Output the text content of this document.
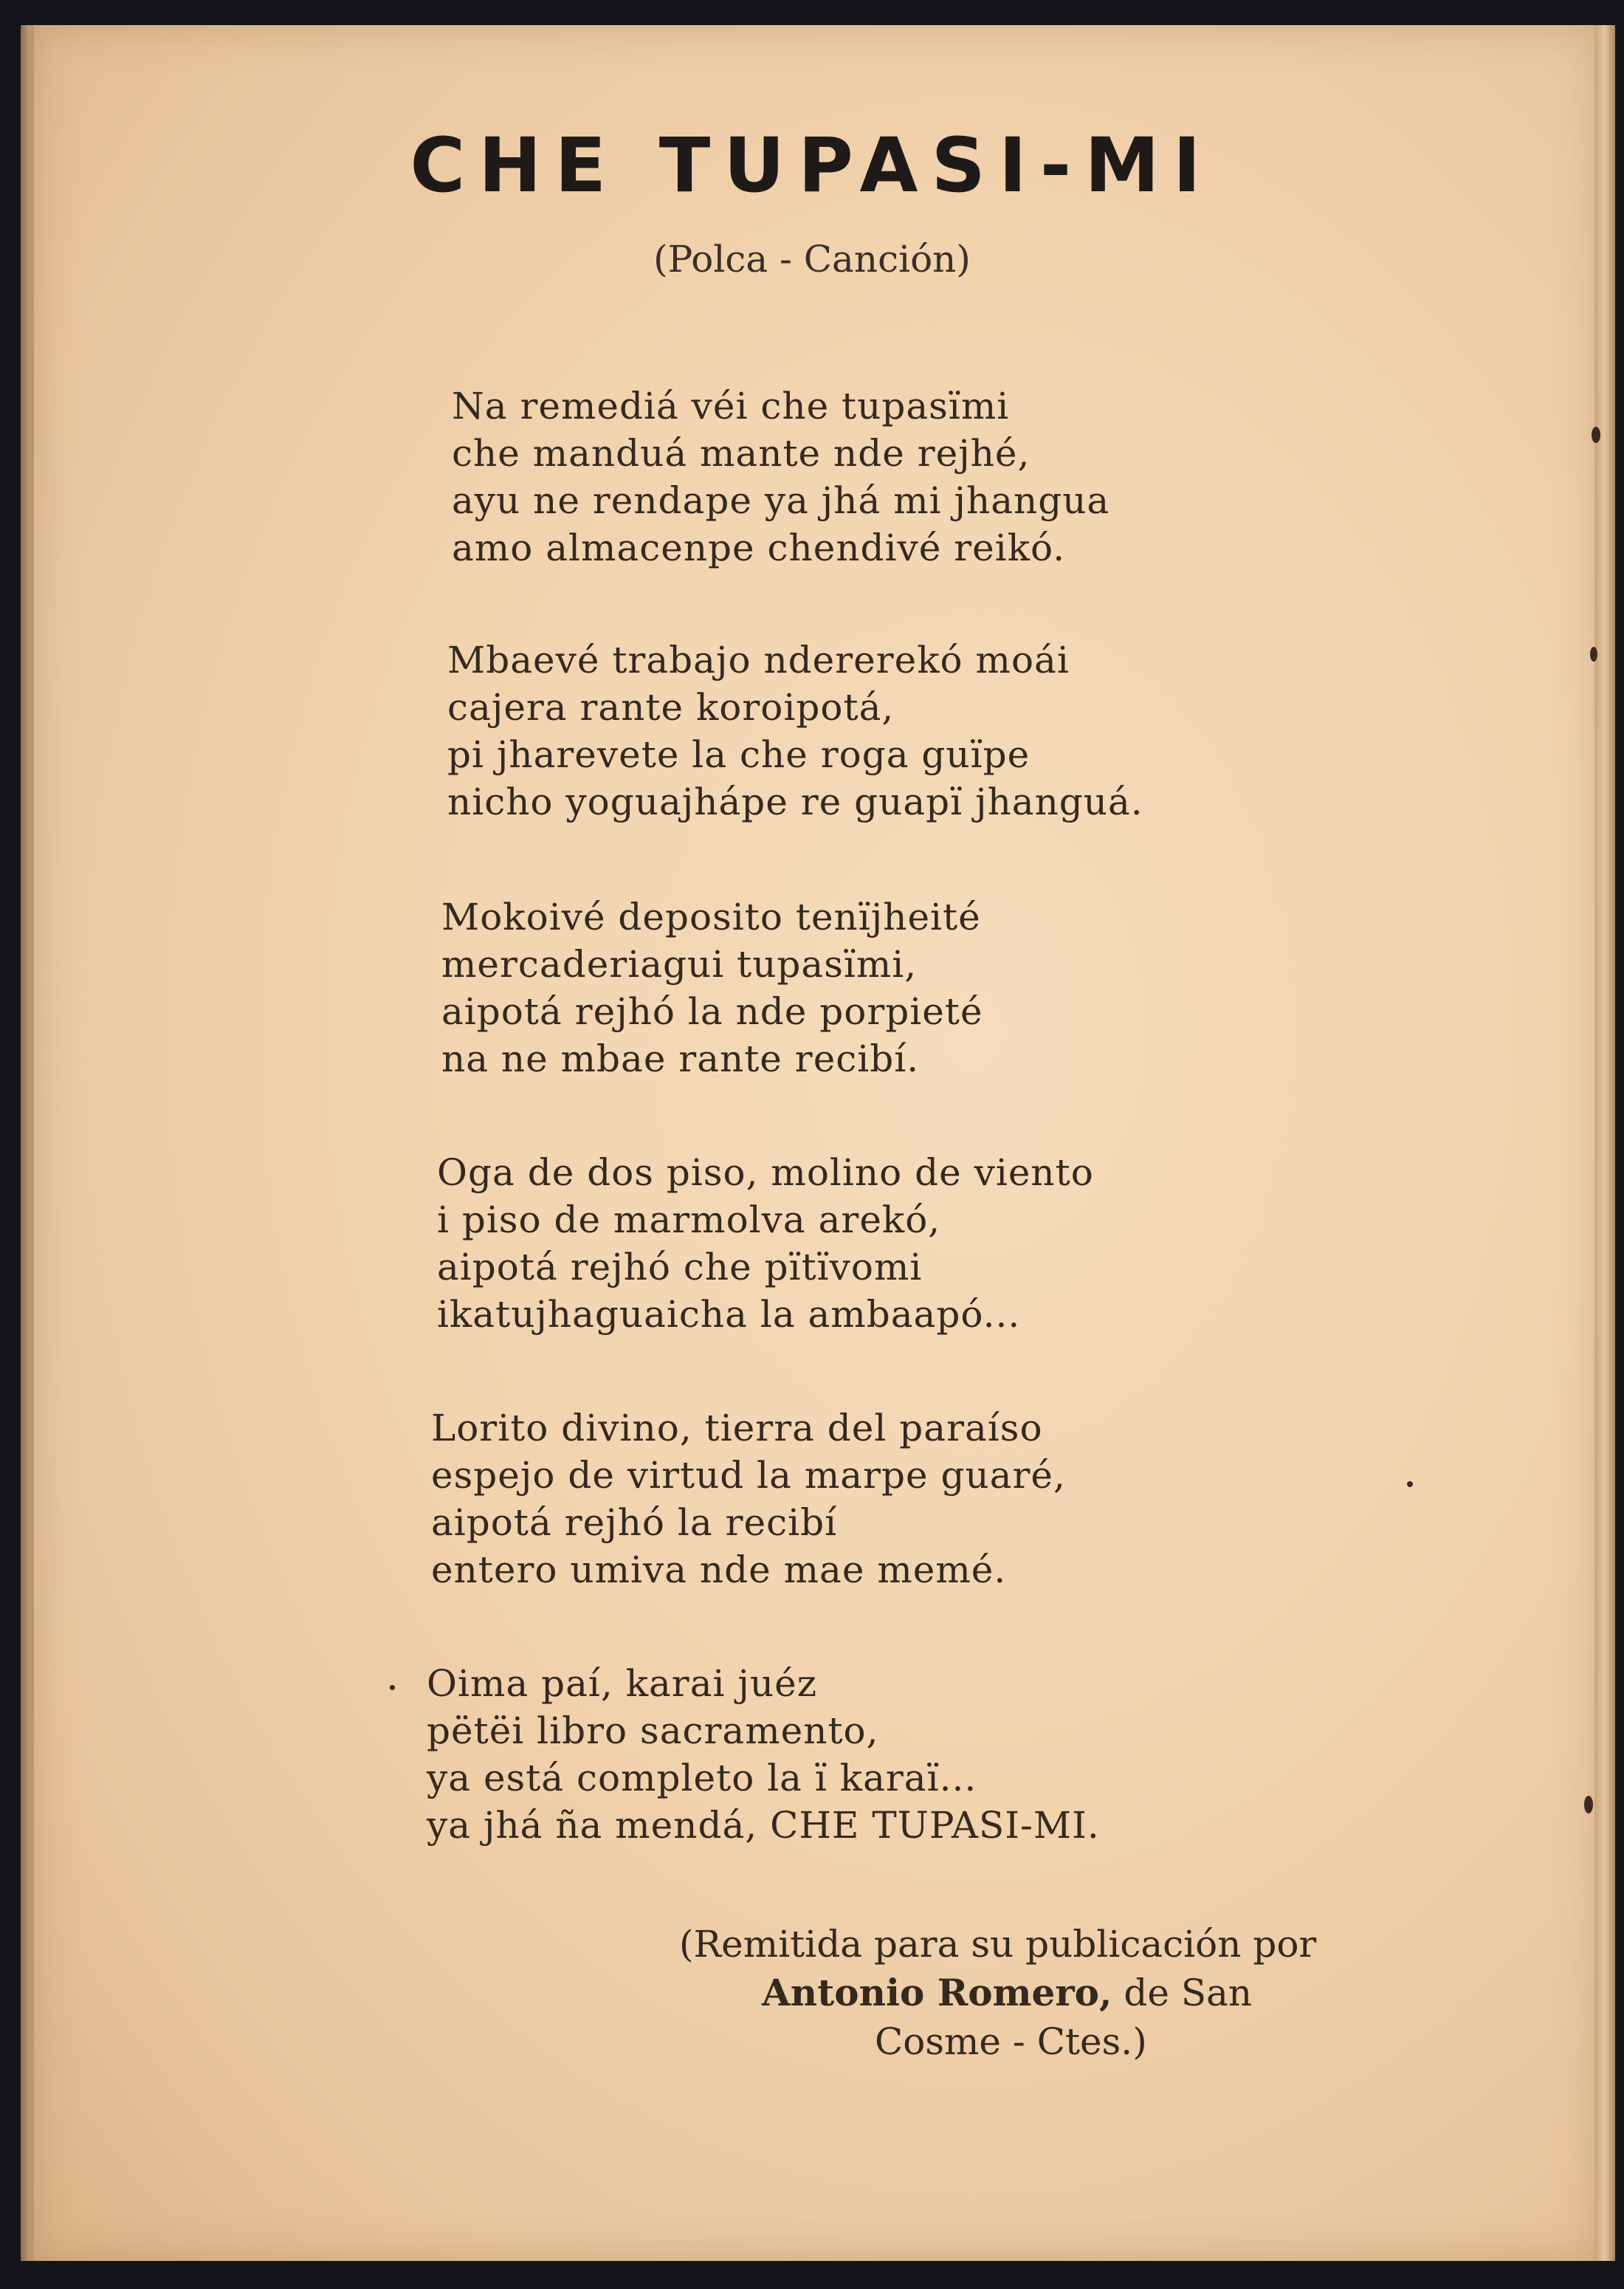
CHE TUPASI-MI
(Polca - Canción)
Na remediá véi che tupasïmi
che manduá mante nde rejhé,
ayu ne rendape ya jhá mi jhangua
amo almacenpe chendivé reikó.
Mbaevé trabajo ndererekó moái
cajera rante koroipotá,
pi jharevete la che roga guïpe
nicho yoguajhápe re guapï jhanguá.
Mokoivé deposito tenïjheité
mercaderiagui tupasïmi,
aipotá rejhó la nde porpieté
na ne mbae rante recibí.
Oga de dos piso, molino de viento
i piso de marmolva arekó,
aipotá rejhó che pïtïvomi
ikatujhaguaicha la ambaapó...
Lorito divino, tierra del paraíso
espejo de virtud la marpe guaré,
aipotá rejhó la recibí
entero umiva nde mae memé.
Oima paí, karai juéz
pëtëi libro sacramento,
ya está completo la ï karaï...
ya jhá ña mendá, CHE TUPASI-MI.
(Remitida para su publicación por
Antonio Romero, de San
Cosme - Ctes.)
